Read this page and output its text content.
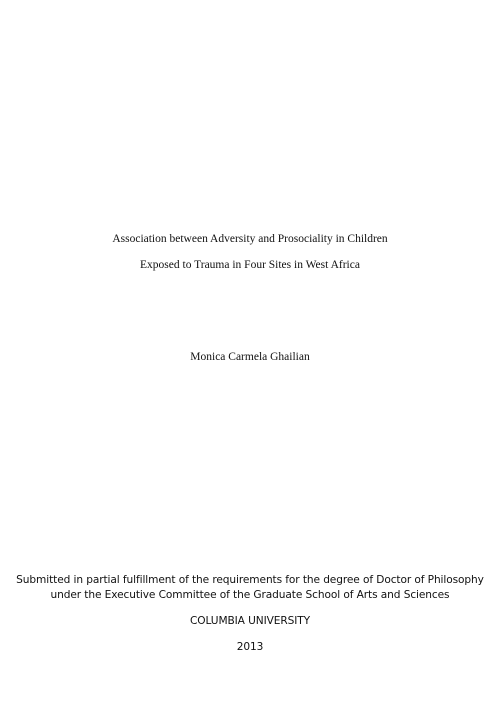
Association between Adversity and Prosociality in Children
Exposed to Trauma in Four Sites in West Africa
Monica Carmela Ghailian
Submitted in partial fulfillment of the requirements for the degree of Doctor of Philosophy
under the Executive Committee of the Graduate School of Arts and Sciences
COLUMBIA UNIVERSITY
2013
